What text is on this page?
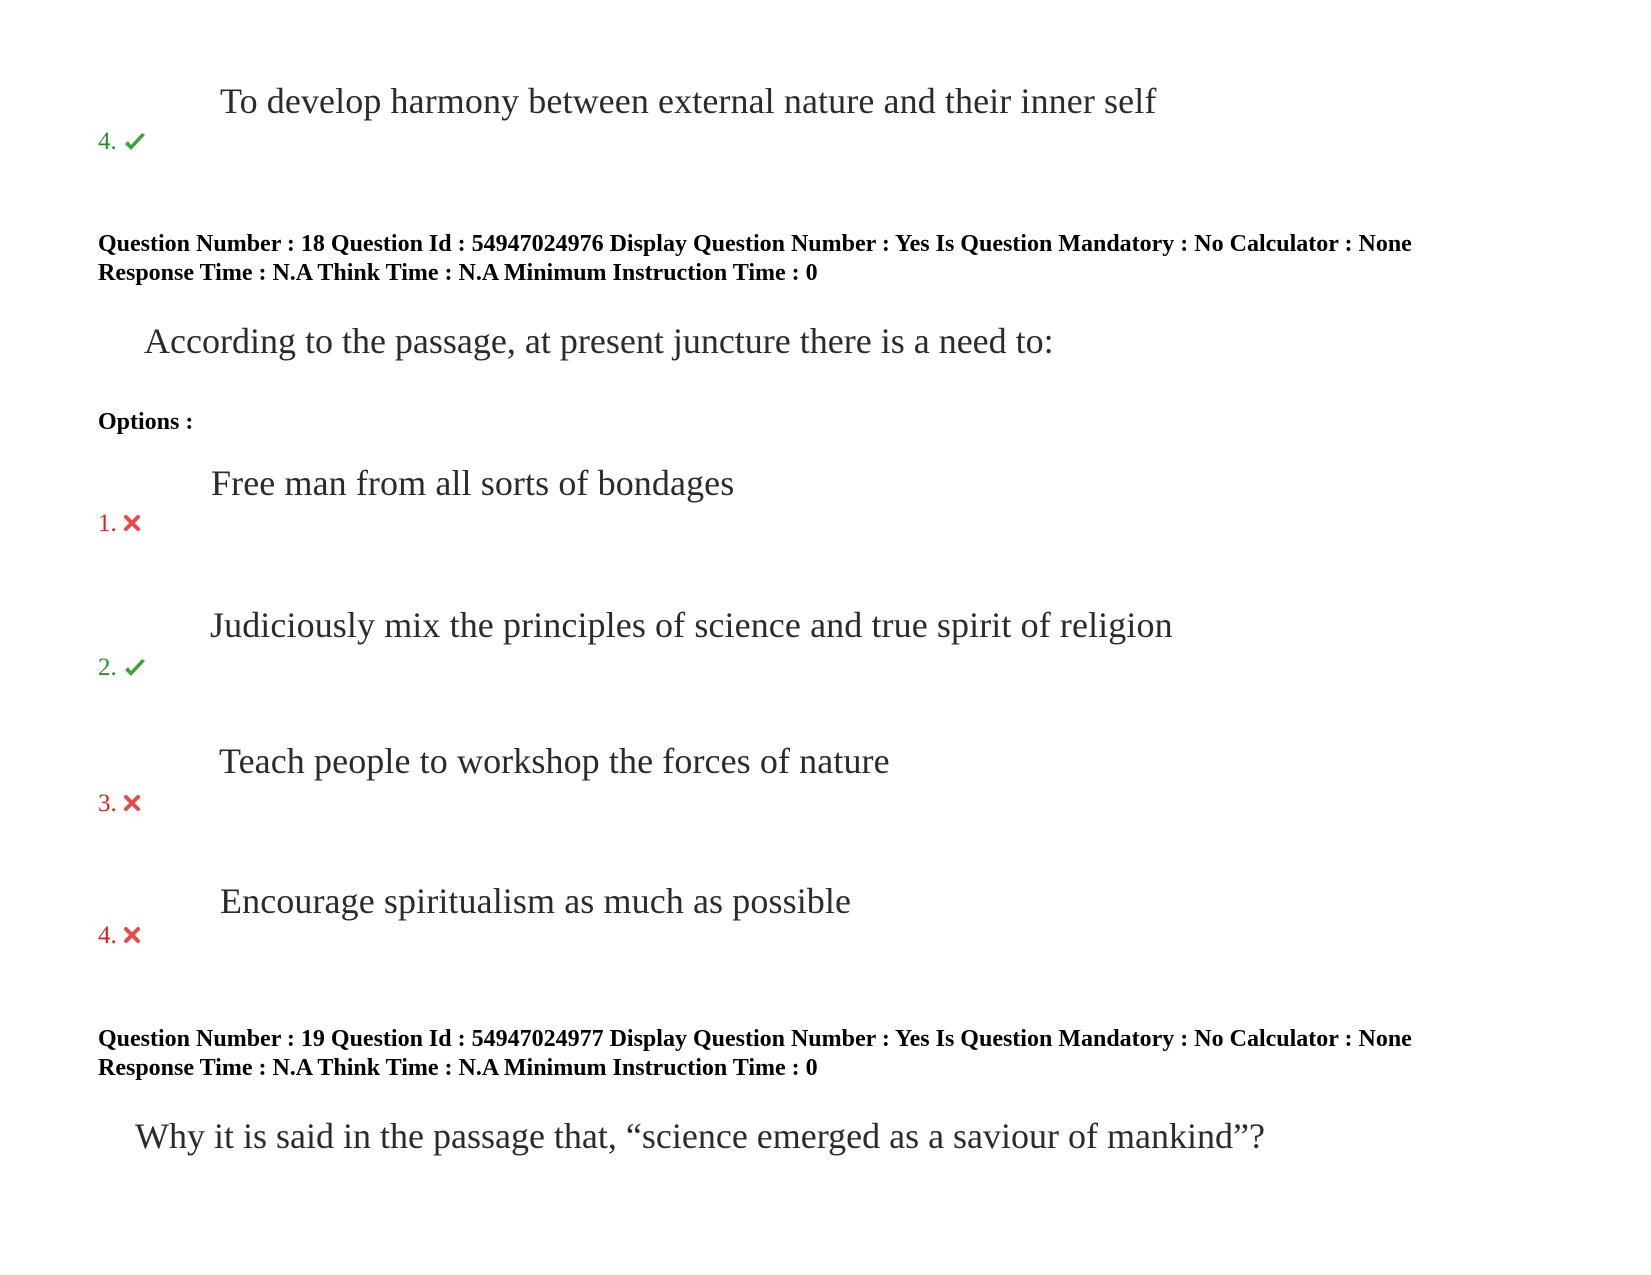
To develop harmony between external nature and their inner self
4.
Question Number : 18 Question Id : 54947024976 Display Question Number : Yes Is Question Mandatory : No Calculator : None
Response Time : N.A Think Time : N.A Minimum Instruction Time : 0
According to the passage, at present juncture there is a need to:
Options :
Free man from all sorts of bondages
1.
Judiciously mix the principles of science and true spirit of religion
2.
Teach people to workshop the forces of nature
3.
Encourage spiritualism as much as possible
4.
Question Number : 19 Question Id : 54947024977 Display Question Number : Yes Is Question Mandatory : No Calculator : None
Response Time : N.A Think Time : N.A Minimum Instruction Time : 0
Why it is said in the passage that, “science emerged as a saviour of mankind”?
